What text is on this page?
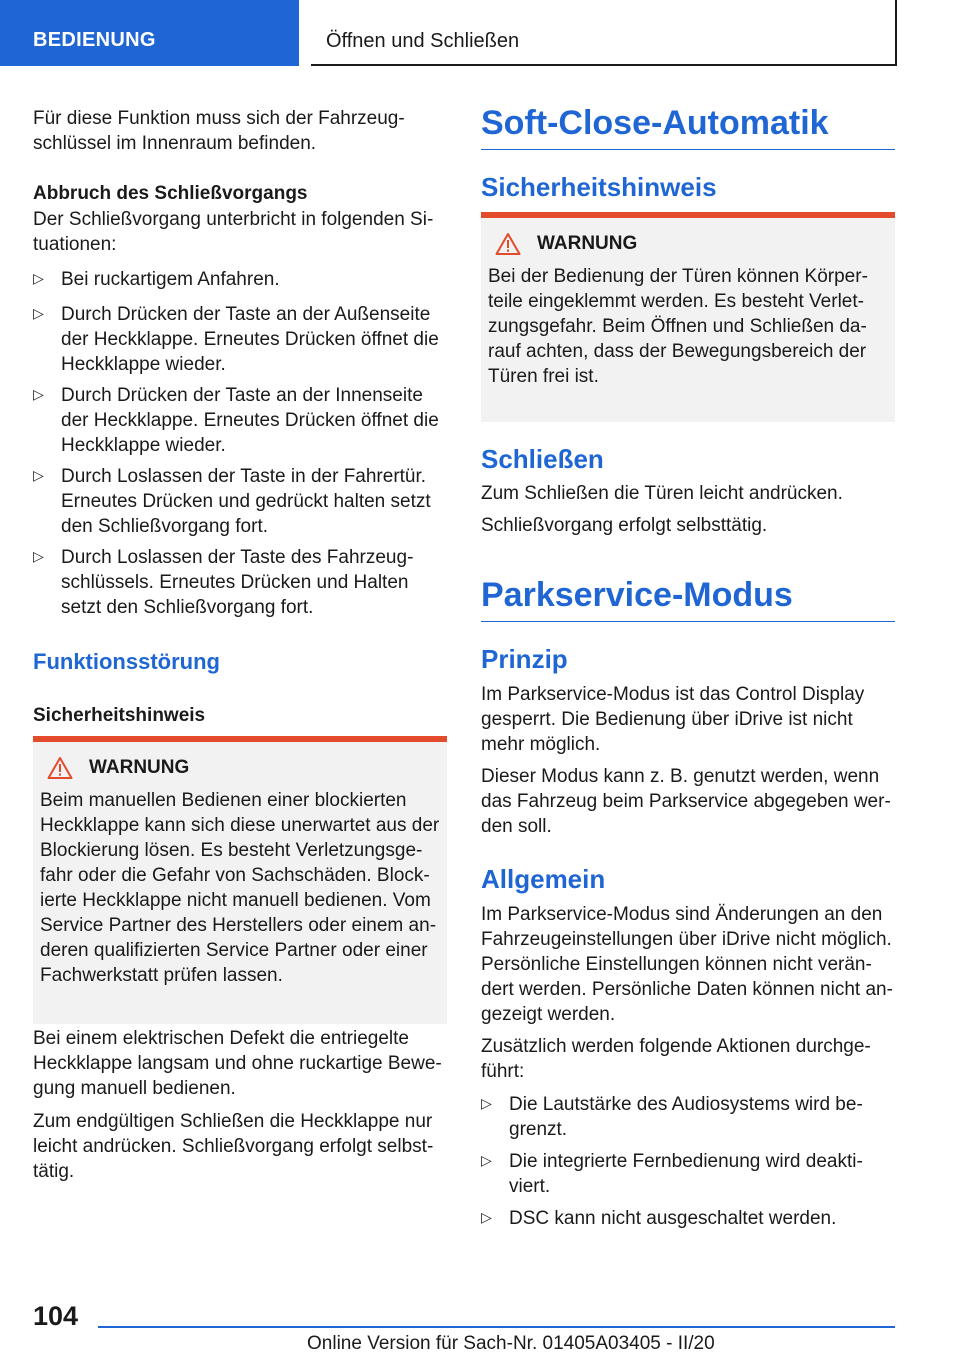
BEDIENUNG	Öffnen und Schließen

Für diese Funktion muss sich der Fahrzeugschlüssel im Innenraum befinden.

Abbruch des Schließvorgangs

Der Schließvorgang unterbricht in folgenden Situationen:

▷ Bei ruckartigem Anfahren.
▷ Durch Drücken der Taste an der Außenseite der Heckklappe. Erneutes Drücken öffnet die Heckklappe wieder.
▷ Durch Drücken der Taste an der Innenseite der Heckklappe. Erneutes Drücken öffnet die Heckklappe wieder.
▷ Durch Loslassen der Taste in der Fahrertür. Erneutes Drücken und gedrückt halten setzt den Schließvorgang fort.
▷ Durch Loslassen der Taste des Fahrzeugschlüssels. Erneutes Drücken und Halten setzt den Schließvorgang fort.
Funktionsstörung

Sicherheitshinweis

WARNUNG
Beim manuellen Bedienen einer blockierten Heckklappe kann sich diese unerwartet aus der Blockierung lösen. Es besteht Verletzungsgefahr oder die Gefahr von Sachschäden. Blockierte Heckklappe nicht manuell bedienen. Vom Service Partner des Herstellers oder einem anderen qualifizierten Service Partner oder einer Fachwerkstatt prüfen lassen.

Bei einem elektrischen Defekt die entriegelte Heckklappe langsam und ohne ruckartige Bewegung manuell bedienen.

Zum endgültigen Schließen die Heckklappe nur leicht andrücken. Schließvorgang erfolgt selbsttätig.

Soft-Close-Automatik
Sicherheitshinweis
WARNUNG
Bei der Bedienung der Türen können Körperteile eingeklemmt werden. Es besteht Verletzungsgefahr. Beim Öffnen und Schließen darauf achten, dass der Bewegungsbereich der Türen frei ist.
Schließen

Zum Schließen die Türen leicht andrücken.

Schließvorgang erfolgt selbsttätig.

Parkservice-Modus
Prinzip

Im Parkservice-Modus ist das Control Display gesperrt. Die Bedienung über iDrive ist nicht mehr möglich.

Dieser Modus kann z. B. genutzt werden, wenn das Fahrzeug beim Parkservice abgegeben werden soll.

Allgemein

Im Parkservice-Modus sind Änderungen an den Fahrzeugeinstellungen über iDrive nicht möglich. Persönliche Einstellungen können nicht verändert werden. Persönliche Daten können nicht angezeigt werden.

Zusätzlich werden folgende Aktionen durchgeführt:

▷ Die Lautstärke des Audiosystems wird begrenzt.
▷ Die integrierte Fernbedienung wird deaktiviert.
▷ DSC kann nicht ausgeschaltet werden.
104
Online Version für Sach-Nr. 01405A03405 - II/20
